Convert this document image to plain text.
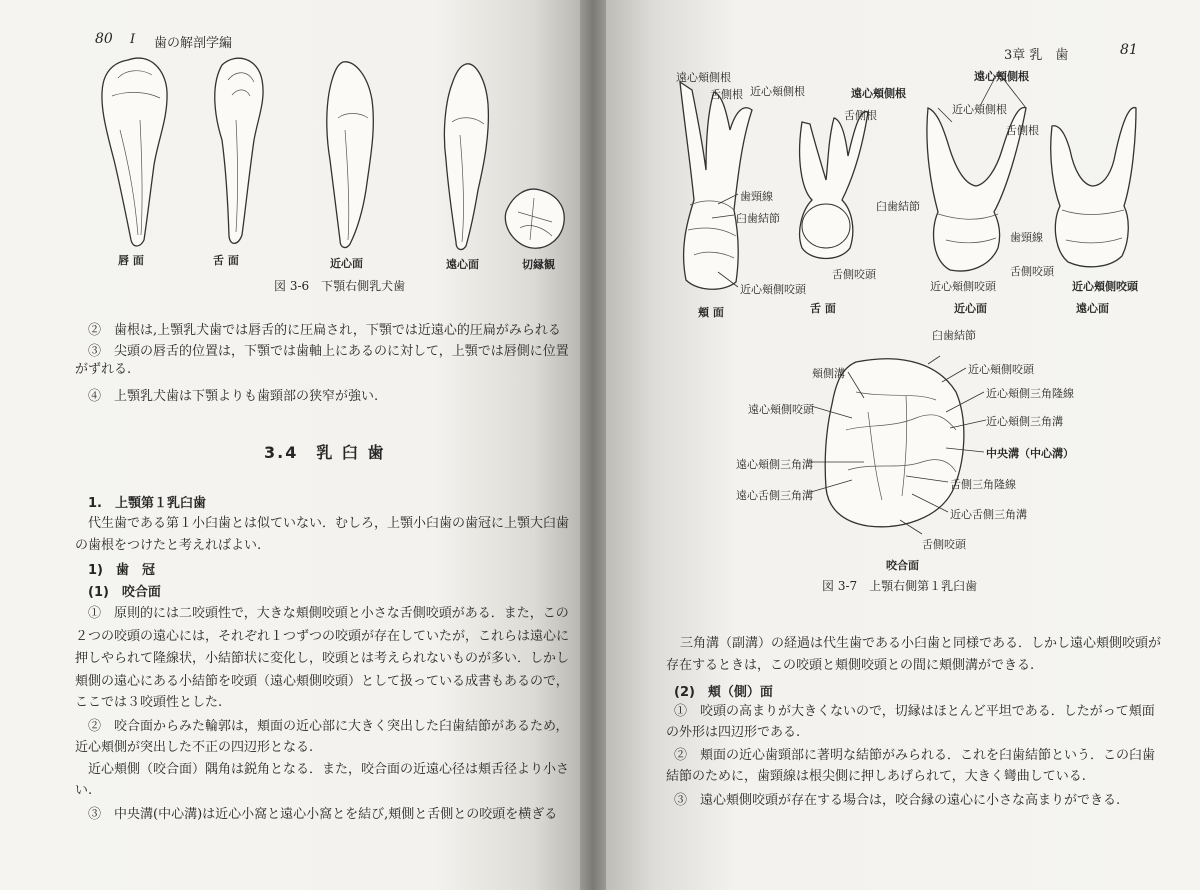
80 I 歯の解剖学編
唇 面	舌 面	近心面	遠心面	切縁観
図 3-6　下顎右側乳犬歯
②　歯根は,上顎乳犬歯では唇舌的に圧扁され，下顎では近遠心的圧扁がみられる
③　尖頭の唇舌的位置は，下顎では歯軸上にあるのに対して，上顎では唇側に位置
がずれる.
④　上顎乳犬歯は下顎よりも歯頸部の狭窄が強い.
3.4　乳 臼 歯
1.　上顎第１乳臼歯
代生歯である第１小臼歯とは似ていない．むしろ，上顎小臼歯の歯冠に上顎大臼歯
の歯根をつけたと考えればよい.
1)　歯　冠
(1)　咬合面
①　原則的には二咬頭性で，大きな頬側咬頭と小さな舌側咬頭がある．また，この
２つの咬頭の遠心には，それぞれ１つずつの咬頭が存在していたが，これらは遠心に
押しやられて隆線状，小結節状に変化し，咬頭とは考えられないものが多い．しかし
頬側の遠心にある小結節を咬頭（遠心頬側咬頭）として扱っている成書もあるので，
ここでは３咬頭性とした.
②　咬合面からみた輪郭は，頬面の近心部に大きく突出した臼歯結節があるため，
近心頬側が突出した不正の四辺形となる.
近心頬側（咬合面）隅角は鋭角となる．また，咬合面の近遠心径は頬舌径より小さ
い.
③　中央溝(中心溝)は近心小窩と遠心小窩とを結び,頬側と舌側との咬頭を横ぎる
3章 乳　歯	81
遠心頬側根
舌側根 近心頬側根	遠心頬側根
舌側根
遠心頬側根
近心頬側根
舌側根
歯頸線
臼歯結節
近心頬側咬頭
舌側咬頭
臼歯結節
歯頸線
近心頬側咬頭
舌側咬頭
近心頬側咬頭
頬 面	舌 面	近心面	遠心面
臼歯結節
頬側溝	近心頬側咬頭
近心頬側三角隆線
遠心頬側咬頭
近心頬側三角溝
中央溝（中心溝）
遠心頬側三角溝
舌側三角隆線
遠心舌側三角溝
近心舌側三角溝
舌側咬頭
咬合面
図 3-7　上顎右側第１乳臼歯
三角溝（副溝）の経過は代生歯である小臼歯と同様である．しかし遠心頬側咬頭が
存在するときは，この咬頭と頬側咬頭との間に頬側溝ができる.
(2)　頬（側）面
①　咬頭の高まりが大きくないので，切縁はほとんど平坦である．したがって頬面
の外形は四辺形である.
②　頬面の近心歯頸部に著明な結節がみられる．これを臼歯結節という．この臼歯
結節のために，歯頸線は根尖側に押しあげられて，大きく彎曲している.
③　遠心頬側咬頭が存在する場合は，咬合縁の遠心に小さな高まりができる.
